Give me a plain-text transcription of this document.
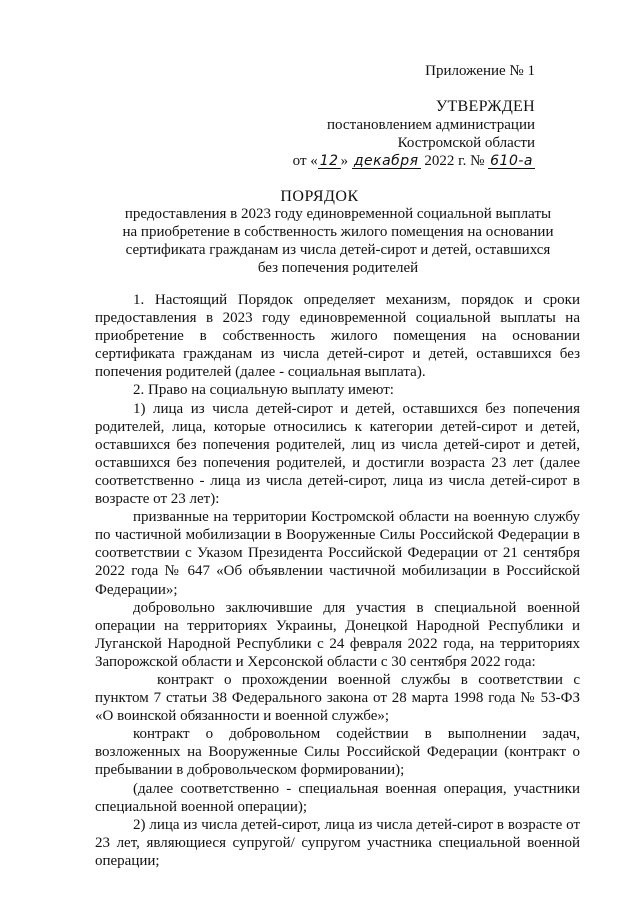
Приложение № 1
УТВЕРЖДЕН
постановлением администрации
Костромской области
от « 12 » декабря 2022 г. № 610-а
ПОРЯДОК
предоставления в 2023 году единовременной социальной выплаты
на приобретение в собственность жилого помещения на основании
сертификата гражданам из числа детей-сирот и детей, оставшихся
без попечения родителей

1. Настоящий Порядок определяет механизм, порядок и сроки предоставления в 2023 году единовременной социальной выплаты на приобретение в собственность жилого помещения на основании сертификата гражданам из числа детей-сирот и детей, оставшихся без попечения родителей (далее - социальная выплата).

2. Право на социальную выплату имеют:

1) лица из числа детей-сирот и детей, оставшихся без попечения родителей, лица, которые относились к категории детей-сирот и детей, оставшихся без попечения родителей, лиц из числа детей-сирот и детей, оставшихся без попечения родителей, и достигли возраста 23 лет (далее соответственно - лица из числа детей-сирот, лица из числа детей-сирот в возрасте от 23 лет):

призванные на территории Костромской области на военную службу по частичной мобилизации в Вооруженные Силы Российской Федерации в соответствии с Указом Президента Российской Федерации от 21 сентября 2022 года № 647 «Об объявлении частичной мобилизации в Российской Федерации»;

добровольно заключившие для участия в специальной военной операции на территориях Украины, Донецкой Народной Республики и Луганской Народной Республики с 24 февраля 2022 года, на территориях Запорожской области и Херсонской области с 30 сентября 2022 года:

контракт о прохождении военной службы в соответствии с пунктом 7 статьи 38 Федерального закона от 28 марта 1998 года № 53-ФЗ «О воинской обязанности и военной службе»;

контракт о добровольном содействии в выполнении задач, возложенных на Вооруженные Силы Российской Федерации (контракт о пребывании в добровольческом формировании);

(далее соответственно - специальная военная операция, участники специальной военной операции);

2) лица из числа детей-сирот, лица из числа детей-сирот в возрасте от 23 лет, являющиеся супругой/ супругом участника специальной военной операции;
